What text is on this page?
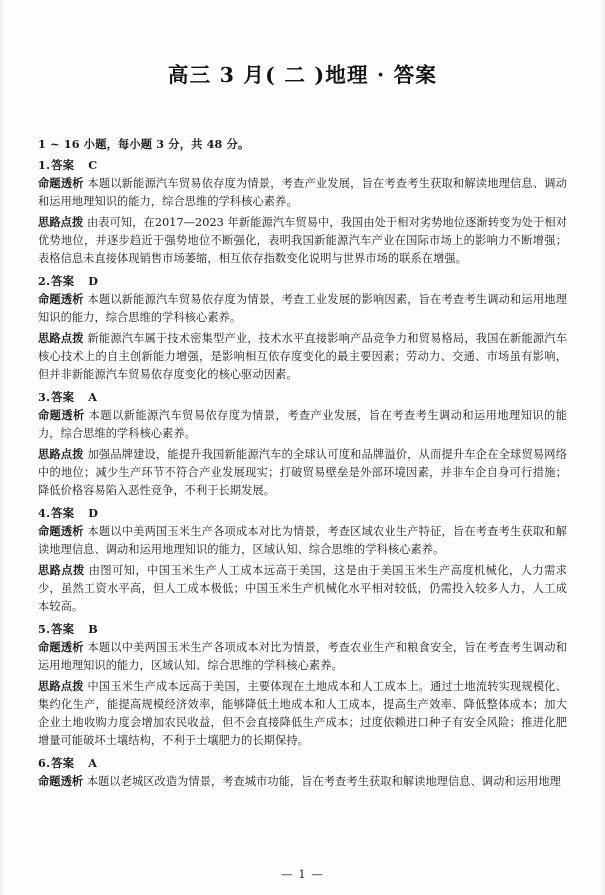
高三 3 月( 二 )地理 · 答案
1 ~ 16 小题，每小题 3 分，共 48 分。
1.答案 C
命题透析 本题以新能源汽车贸易依存度为情景，考查产业发展，旨在考查考生获取和解读地理信息、调动和运用地理知识的能力，综合思维的学科核心素养。
思路点拨 由表可知，在2017—2023 年新能源汽车贸易中，我国由处于相对劣势地位逐渐转变为处于相对优势地位，并逐步趋近于强势地位不断强化，表明我国新能源汽车产业在国际市场上的影响力不断增强；表格信息未直接体现销售市场萎缩，相互依存指数变化说明与世界市场的联系在增强。
2.答案 D
命题透析 本题以新能源汽车贸易依存度为情景，考查工业发展的影响因素，旨在考查考生调动和运用地理知识的能力，综合思维的学科核心素养。
思路点拨 新能源汽车属于技术密集型产业，技术水平直接影响产品竞争力和贸易格局，我国在新能源汽车核心技术上的自主创新能力增强，是影响相互依存度变化的最主要因素；劳动力、交通、市场虽有影响，但并非新能源汽车贸易依存度变化的核心驱动因素。
3.答案 A
命题透析 本题以新能源汽车贸易依存度为情景，考查产业发展，旨在考查考生调动和运用地理知识的能力，综合思维的学科核心素养。
思路点拨 加强品牌建设，能提升我国新能源汽车的全球认可度和品牌溢价，从而提升车企在全球贸易网络中的地位；减少生产环节不符合产业发展现实；打破贸易壁垒是外部环境因素，并非车企自身可行措施；降低价格容易陷入恶性竞争，不利于长期发展。
4.答案 D
命题透析 本题以中美两国玉米生产各项成本对比为情景，考查区域农业生产特征，旨在考查考生获取和解读地理信息、调动和运用地理知识的能力，区域认知、综合思维的学科核心素养。
思路点拨 由图可知，中国玉米生产人工成本远高于美国，这是由于美国玉米生产高度机械化，人力需求少，虽然工资水平高，但人工成本极低；中国玉米生产机械化水平相对较低，仍需投入较多人力，人工成本较高。
5.答案 B
命题透析 本题以中美两国玉米生产各项成本对比为情景，考查农业生产和粮食安全，旨在考查考生调动和运用地理知识的能力，区域认知、综合思维的学科核心素养。
思路点拨 中国玉米生产成本远高于美国，主要体现在土地成本和人工成本上。通过土地流转实现规模化、集约化生产，能提高规模经济效率，能够降低土地成本和人工成本，提高生产效率、降低整体成本；加大企业土地收购力度会增加农民收益，但不会直接降低生产成本；过度依赖进口种子有安全风险；推进化肥增量可能破坏土壤结构，不利于土壤肥力的长期保持。
6.答案 A
命题透析 本题以老城区改造为情景，考查城市功能，旨在考查考生获取和解读地理信息、调动和运用地理
— 1 —
